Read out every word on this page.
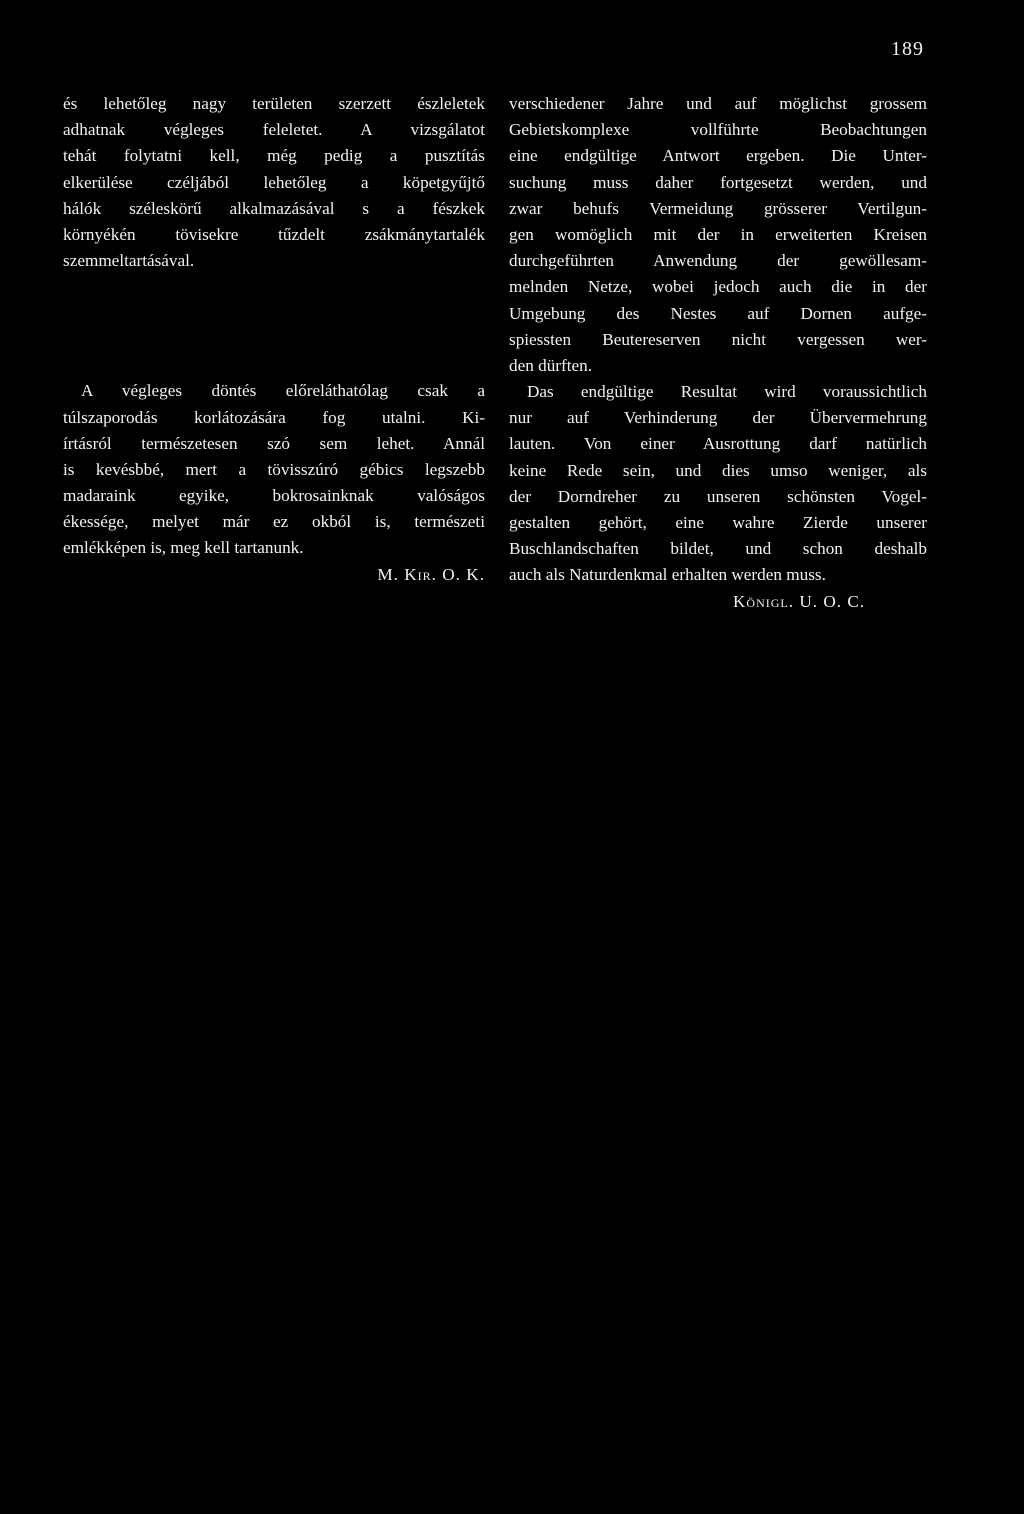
189
és lehetőleg nagy területen szerzett észleletek
adhatnak végleges feleletet. A vizsgálatot
tehát folytatni kell, még pedig a pusztítás
elkerülése czéljából lehetőleg a köpetgyűjtő
hálók széleskörű alkalmazásával s a fészkek
környékén tövisekre tűzdelt zsákmánytartalék
szemmeltartásával.
A végleges döntés előreláthatólag csak a
túlszaporodás korlátozására fog utalni. Ki-
írtásról természetesen szó sem lehet. Annál
is kevésbbé, mert a tövisszúró gébics legszebb
madaraink egyike, bokrosainknak valóságos
ékessége, melyet már ez okból is, természeti
emlékképen is, meg kell tartanunk.
M. Kir. O. K.
verschiedener Jahre und auf möglichst grossem
Gebietskomplexe vollführte Beobachtungen
eine endgültige Antwort ergeben. Die Unter-
suchung muss daher fortgesetzt werden, und
zwar behufs Vermeidung grösserer Vertilgun-
gen womöglich mit der in erweiterten Kreisen
durchgeführten Anwendung der gewöllesam-
melnden Netze, wobei jedoch auch die in der
Umgebung des Nestes auf Dornen aufge-
spiessten Beutereserven nicht vergessen wer-
den dürften.
Das endgültige Resultat wird voraussichtlich
nur auf Verhinderung der Übervermehrung
lauten. Von einer Ausrottung darf natürlich
keine Rede sein, und dies umso weniger, als
der Dorndreher zu unseren schönsten Vogel-
gestalten gehört, eine wahre Zierde unserer
Buschlandschaften bildet, und schon deshalb
auch als Naturdenkmal erhalten werden muss.
Königl. U. O. C.
